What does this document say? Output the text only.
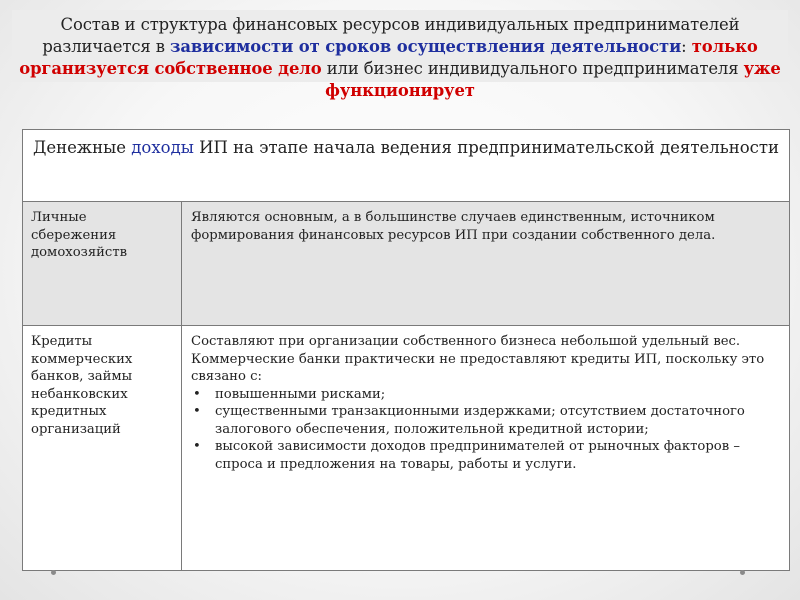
Состав и структура финансовых ресурсов индивидуальных предпринимателей различается в зависимости от сроков осуществления деятельности: только организуется собственное дело или бизнес индивидуального предпринимателя уже функционирует
Денежные доходы ИП на этапе начала ведения предпринимательской деятельности
Личные сбережения домохозяйств
Являются основным, а в большинстве случаев единственным, источником формирования финансовых ресурсов ИП при создании собственного дела.
Кредиты коммерческих банков, займы небанковских кредитных организаций
Составляют при организации собственного бизнеса небольшой удельный вес. Коммерческие банки практически не предоставляют кредиты ИП, поскольку это связано с:
• повышенными рисками;
• существенными транзакционными издержками; отсутствием достаточного залогового обеспечения, положительной кредитной истории;
• высокой зависимости доходов предпринимателей от рыночных факторов – спроса и предложения на товары, работы и услуги.
